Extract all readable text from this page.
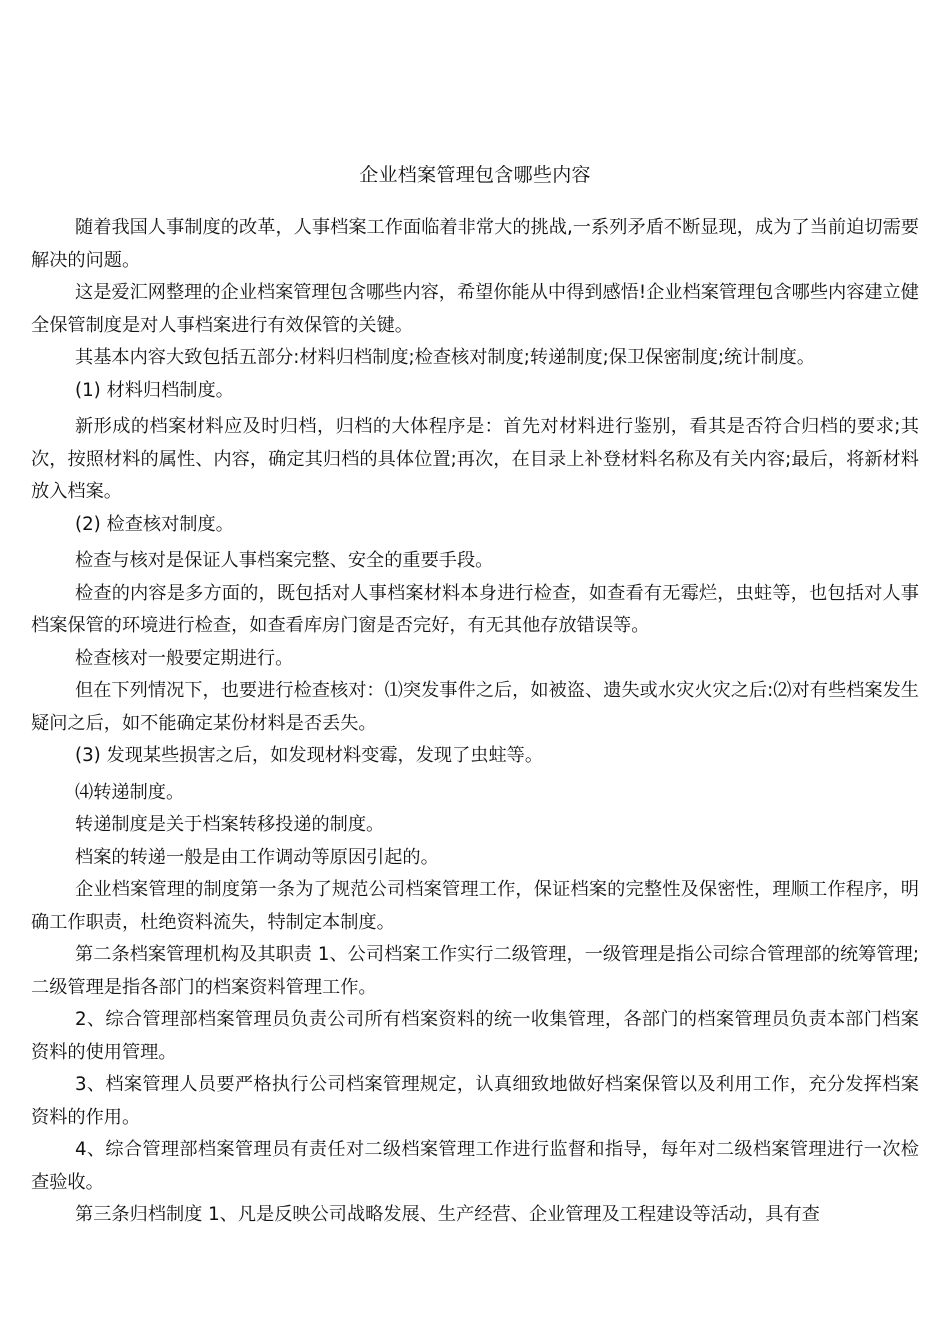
企业档案管理包含哪些内容

随着我国人事制度的改革，人事档案工作面临着非常大的挑战,一系列矛盾不断显现，成为了当前迫切需要解决的问题。

这是爱汇网整理的企业档案管理包含哪些内容，希望你能从中得到感悟!企业档案管理包含哪些内容建立健全保管制度是对人事档案进行有效保管的关键。

其基本内容大致包括五部分:材料归档制度;检查核对制度;转递制度;保卫保密制度;统计制度。

(1) 材料归档制度。

新形成的档案材料应及时归档，归档的大体程序是：首先对材料进行鉴别，看其是否符合归档的要求;其次，按照材料的属性、内容，确定其归档的具体位置;再次，在目录上补登材料名称及有关内容;最后，将新材料放入档案。

(2) 检查核对制度。

检查与核对是保证人事档案完整、安全的重要手段。

检查的内容是多方面的，既包括对人事档案材料本身进行检查，如查看有无霉烂，虫蛀等，也包括对人事档案保管的环境进行检查，如查看库房门窗是否完好，有无其他存放错误等。

检查核对一般要定期进行。

但在下列情况下，也要进行检查核对：⑴突发事件之后，如被盗、遗失或水灾火灾之后:⑵对有些档案发生疑问之后，如不能确定某份材料是否丢失。

(3) 发现某些损害之后，如发现材料变霉，发现了虫蛀等。

⑷转递制度。

转递制度是关于档案转移投递的制度。

档案的转递一般是由工作调动等原因引起的。

企业档案管理的制度第一条为了规范公司档案管理工作，保证档案的完整性及保密性，理顺工作程序，明确工作职责，杜绝资料流失，特制定本制度。

第二条档案管理机构及其职责 1、公司档案工作实行二级管理，一级管理是指公司综合管理部的统筹管理;二级管理是指各部门的档案资料管理工作。

2、综合管理部档案管理员负责公司所有档案资料的统一收集管理，各部门的档案管理员负责本部门档案资料的使用管理。

3、档案管理人员要严格执行公司档案管理规定，认真细致地做好档案保管以及利用工作，充分发挥档案资料的作用。

4、综合管理部档案管理员有责任对二级档案管理工作进行监督和指导，每年对二级档案管理进行一次检查验收。

第三条归档制度 1、凡是反映公司战略发展、生产经营、企业管理及工程建设等活动，具有查
